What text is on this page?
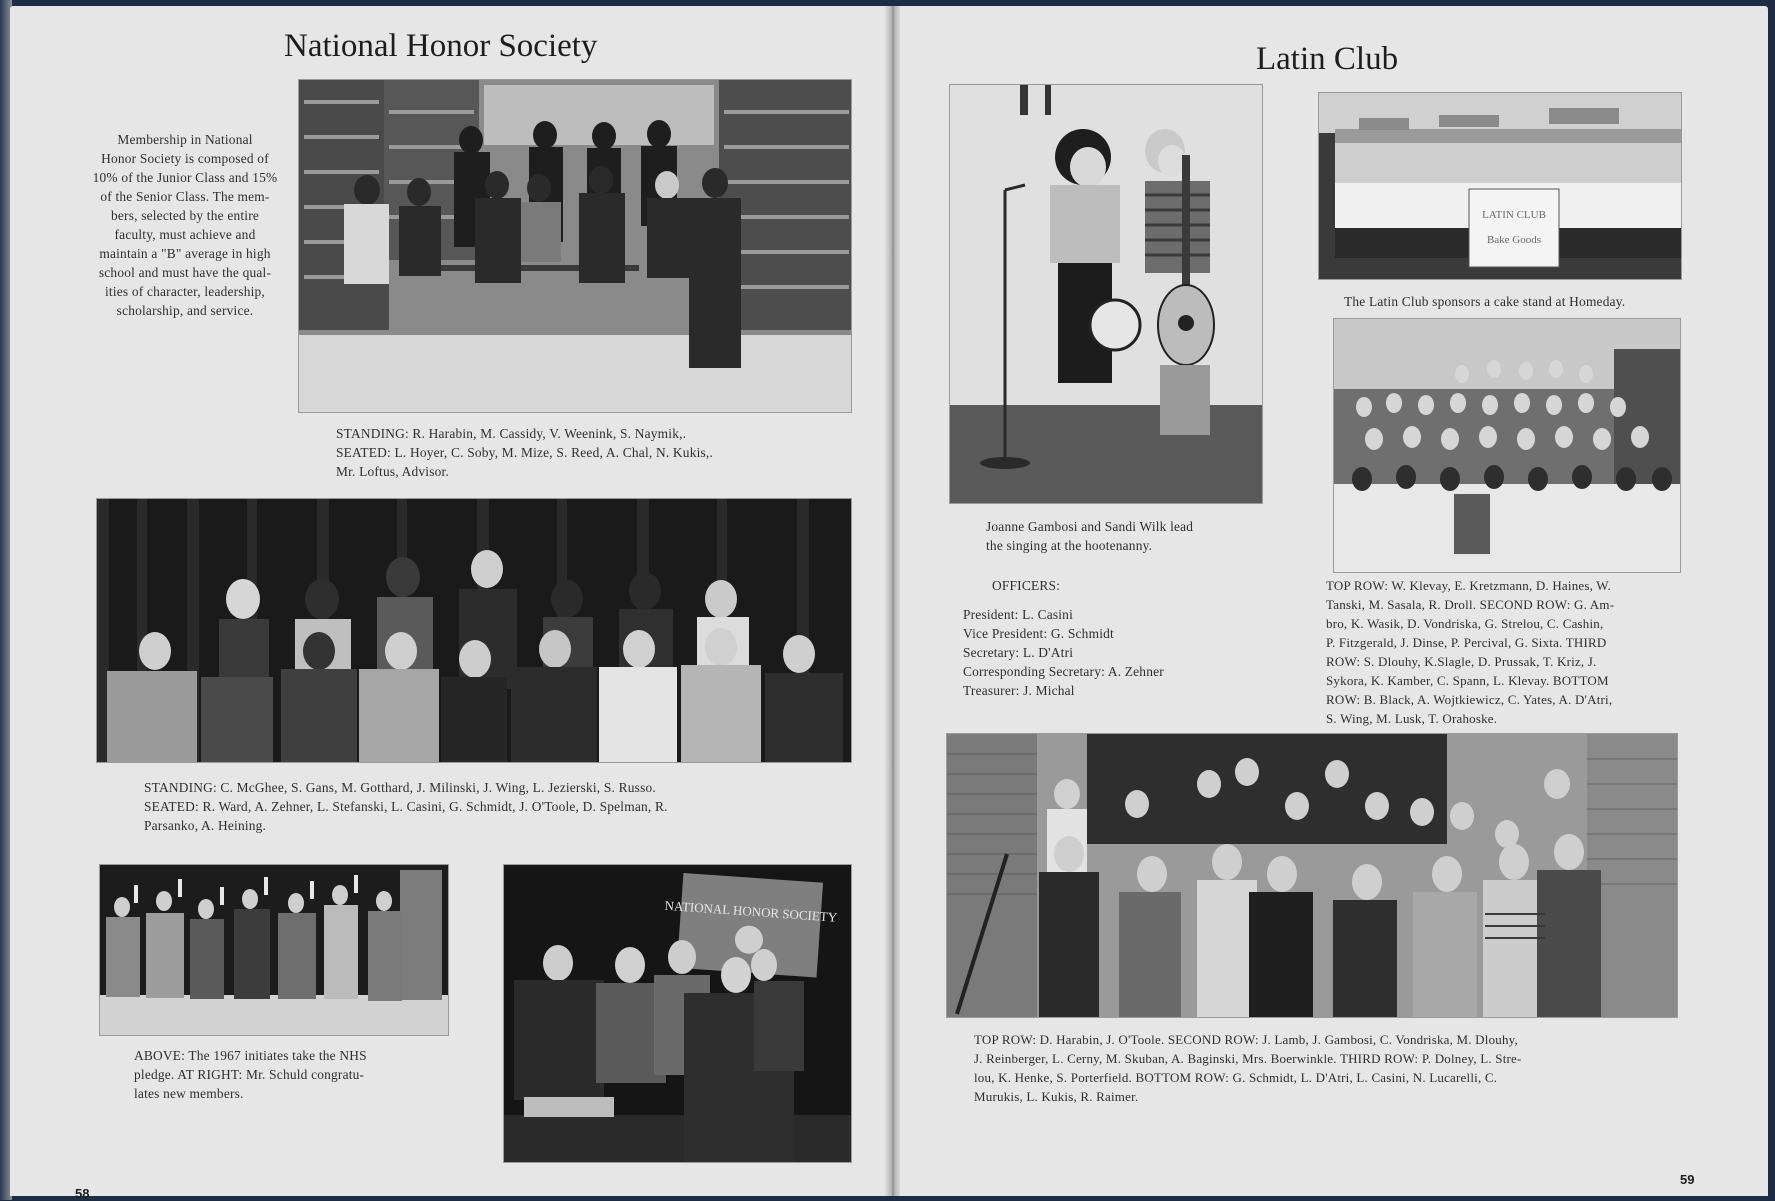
National Honor Society
Membership in National
Honor Society is composed of
10% of the Junior Class and 15%
of the Senior Class. The mem-
bers, selected by the entire
faculty, must achieve and
maintain a "B" average in high
school and must have the qual-
ities of character, leadership,
scholarship, and service.
STANDING: R. Harabin, M. Cassidy, V. Weenink, S. Naymik,.
SEATED: L. Hoyer, C. Soby, M. Mize, S. Reed, A. Chal, N. Kukis,.
Mr. Loftus, Advisor.
STANDING: C. McGhee, S. Gans, M. Gotthard, J. Milinski, J. Wing, L. Jezierski, S. Russo.
SEATED: R. Ward, A. Zehner, L. Stefanski, L. Casini, G. Schmidt, J. O'Toole, D. Spelman, R.
Parsanko, A. Heining.
ABOVE: The 1967 initiates take the NHS
pledge. AT RIGHT: Mr. Schuld congratu-
lates new members.
NATIONAL HONOR SOCIETY
58
Latin Club
Joanne Gambosi and Sandi Wilk lead
the singing at the hootenanny.
OFFICERS:
President: L. Casini
Vice President: G. Schmidt
Secretary: L. D'Atri
Corresponding Secretary: A. Zehner
Treasurer: J. Michal
LATIN CLUB
Bake Goods
The Latin Club sponsors a cake stand at Homeday.
TOP ROW: W. Klevay, E. Kretzmann, D. Haines, W.
Tanski, M. Sasala, R. Droll. SECOND ROW: G. Am-
bro, K. Wasik, D. Vondriska, G. Strelou, C. Cashin,
P. Fitzgerald, J. Dinse, P. Percival, G. Sixta. THIRD
ROW: S. Dlouhy, K.Slagle, D. Prussak, T. Kriz, J.
Sykora, K. Kamber, C. Spann, L. Klevay. BOTTOM
ROW: B. Black, A. Wojtkiewicz, C. Yates, A. D'Atri,
S. Wing, M. Lusk, T. Orahoske.
TOP ROW: D. Harabin, J. O'Toole. SECOND ROW: J. Lamb, J. Gambosi, C. Vondriska, M. Dlouhy,
J. Reinberger, L. Cerny, M. Skuban, A. Baginski, Mrs. Boerwinkle. THIRD ROW: P. Dolney, L. Stre-
lou, K. Henke, S. Porterfield. BOTTOM ROW: G. Schmidt, L. D'Atri, L. Casini, N. Lucarelli, C.
Murukis, L. Kukis, R. Raimer.
59
